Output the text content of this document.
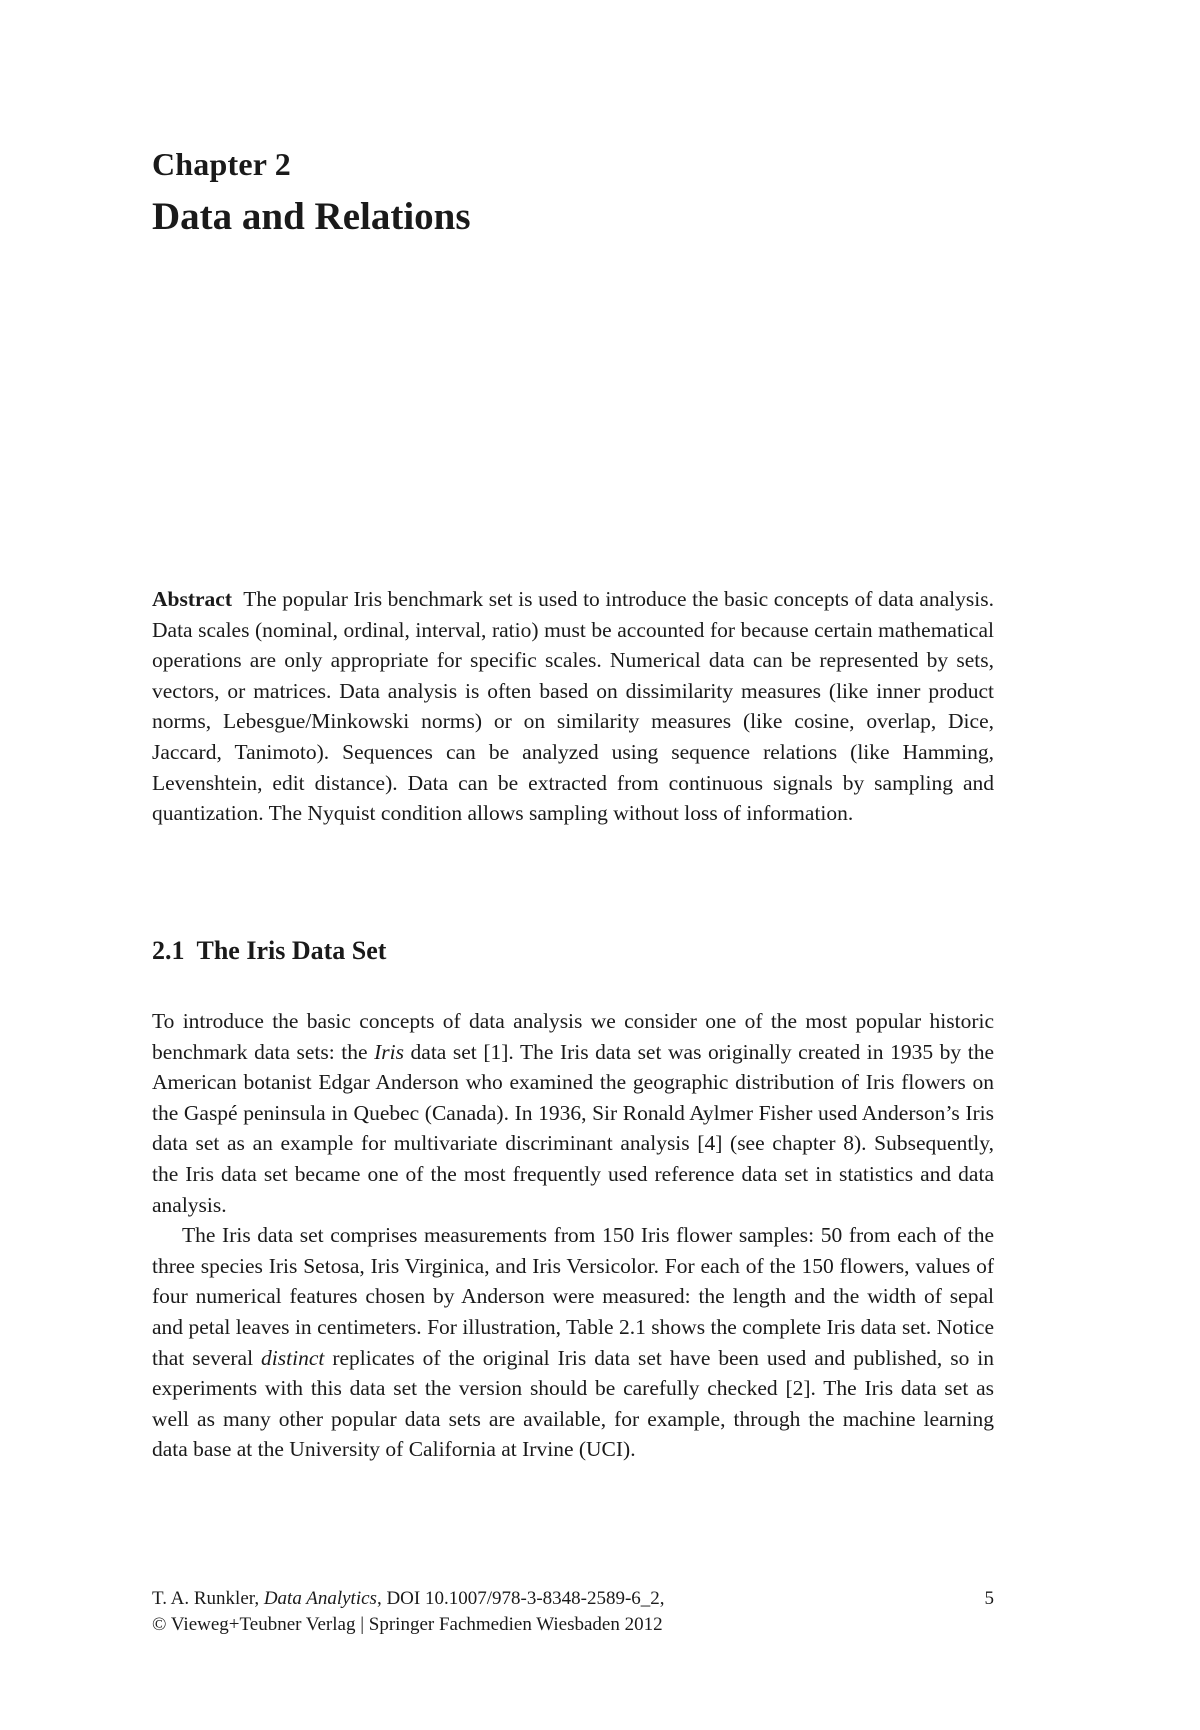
Chapter 2
Data and Relations
Abstract The popular Iris benchmark set is used to introduce the basic concepts of data analysis. Data scales (nominal, ordinal, interval, ratio) must be accounted for because certain mathematical operations are only appropriate for specific scales. Numerical data can be represented by sets, vectors, or matrices. Data analysis is often based on dissimilarity measures (like inner product norms, Lebesgue/Minkowski norms) or on similarity measures (like cosine, overlap, Dice, Jaccard, Tanimoto). Sequences can be analyzed using sequence relations (like Hamming, Levenshtein, edit distance). Data can be extracted from continuous signals by sampling and quantization. The Nyquist condition allows sampling without loss of information.
2.1 The Iris Data Set

To introduce the basic concepts of data analysis we consider one of the most popular historic benchmark data sets: the Iris data set [1]. The Iris data set was originally created in 1935 by the American botanist Edgar Anderson who examined the geographic distribution of Iris flowers on the Gaspé peninsula in Quebec (Canada). In 1936, Sir Ronald Aylmer Fisher used Anderson’s Iris data set as an example for multivariate discriminant analysis [4] (see chapter 8). Subsequently, the Iris data set became one of the most frequently used reference data set in statistics and data analysis.

The Iris data set comprises measurements from 150 Iris flower samples: 50 from each of the three species Iris Setosa, Iris Virginica, and Iris Versicolor. For each of the 150 flowers, values of four numerical features chosen by Anderson were measured: the length and the width of sepal and petal leaves in centimeters. For illustration, Table 2.1 shows the complete Iris data set. Notice that several distinct replicates of the original Iris data set have been used and published, so in experiments with this data set the version should be carefully checked [2]. The Iris data set as well as many other popular data sets are available, for example, through the machine learning data base at the University of California at Irvine (UCI).

T. A. Runkler, Data Analytics, DOI 10.1007/978-3-8348-2589-6_2,	5
© Vieweg+Teubner Verlag | Springer Fachmedien Wiesbaden 2012
